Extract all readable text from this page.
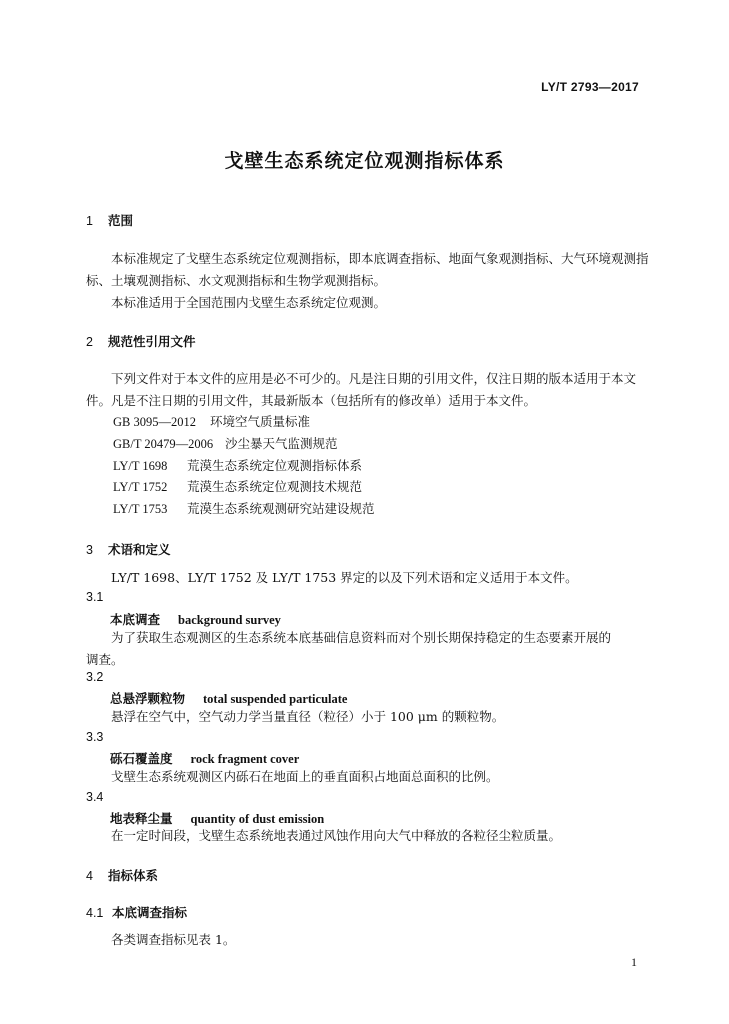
LY/T 2793—2017
戈壁生态系统定位观测指标体系
1 范围
本标准规定了戈壁生态系统定位观测指标，即本底调查指标、地面气象观测指标、大气环境观测指
标、土壤观测指标、水文观测指标和生物学观测指标。
本标准适用于全国范围内戈壁生态系统定位观测。
2 规范性引用文件
下列文件对于本文件的应用是必不可少的。凡是注日期的引用文件，仅注日期的版本适用于本文
件。凡是不注日期的引用文件，其最新版本（包括所有的修改单）适用于本文件。
GB 3095—2012 环境空气质量标准
GB/T 20479—2006 沙尘暴天气监测规范
LY/T 1698 荒漠生态系统定位观测指标体系
LY/T 1752 荒漠生态系统定位观测技术规范
LY/T 1753 荒漠生态系统观测研究站建设规范
3 术语和定义
LY/T 1698、LY/T 1752 及 LY/T 1753 界定的以及下列术语和定义适用于本文件。
3.1
本底调查 background survey
为了获取生态观测区的生态系统本底基础信息资料而对个别长期保持稳定的生态要素开展的
调查。
3.2
总悬浮颗粒物 total suspended particulate
悬浮在空气中，空气动力学当量直径（粒径）小于 100 μm 的颗粒物。
3.3
砾石覆盖度 rock fragment cover
戈壁生态系统观测区内砾石在地面上的垂直面积占地面总面积的比例。
3.4
地表释尘量 quantity of dust emission
在一定时间段，戈壁生态系统地表通过风蚀作用向大气中释放的各粒径尘粒质量。
4 指标体系
4.1 本底调查指标
各类调查指标见表 1。
1
